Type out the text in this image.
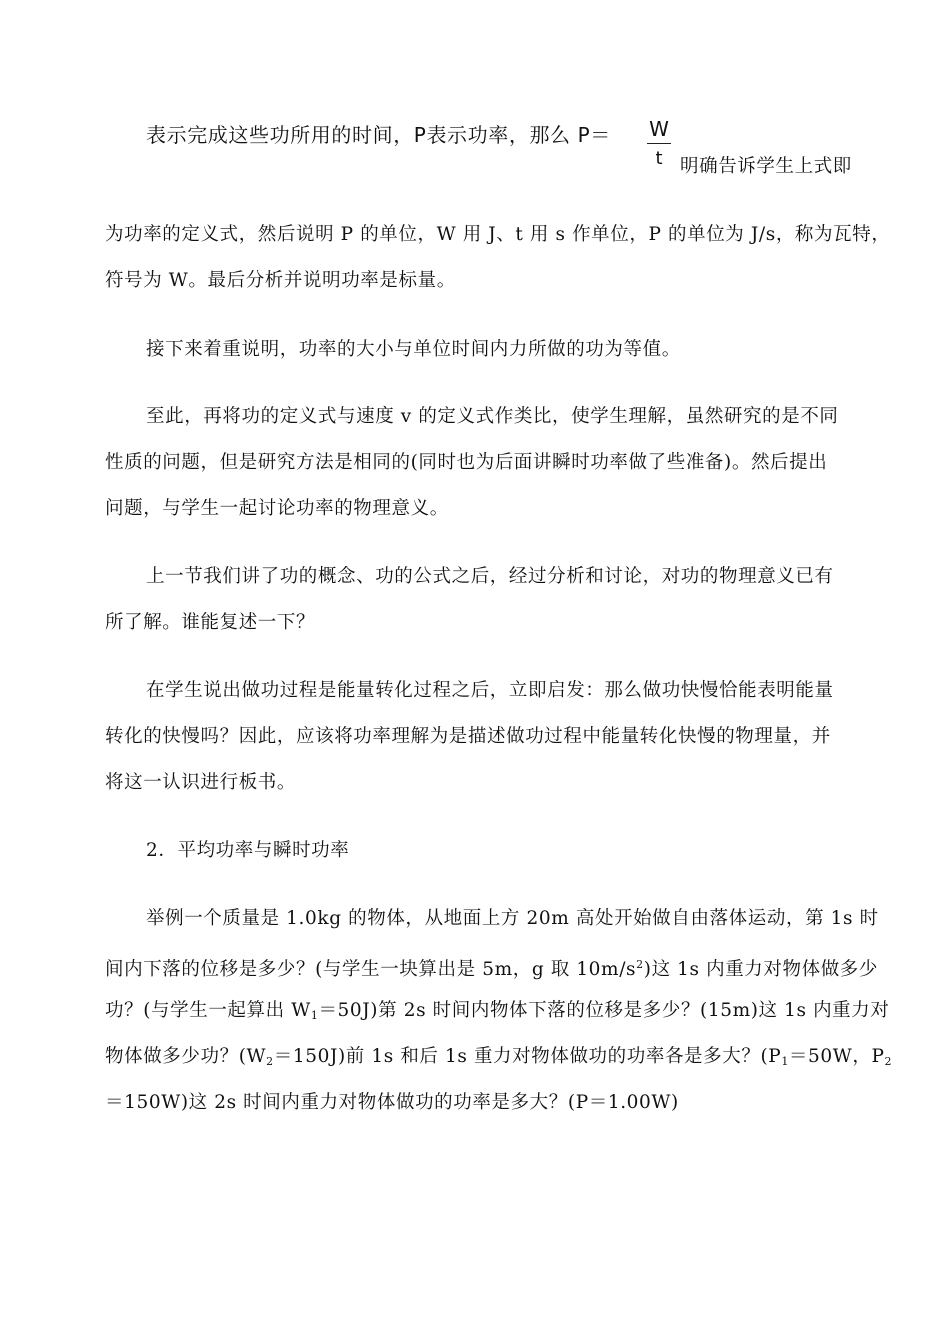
表示完成这些功所用的时间，P表示功率，那么 P＝ W
t 明确告诉学生上式即
为功率的定义式，然后说明 P 的单位，W 用 J、t 用 s 作单位，P 的单位为 J/s，称为瓦特，
符号为 W。最后分析并说明功率是标量。
接下来着重说明，功率的大小与单位时间内力所做的功为等值。
至此，再将功的定义式与速度 v 的定义式作类比，使学生理解，虽然研究的是不同
性质的问题，但是研究方法是相同的(同时也为后面讲瞬时功率做了些准备)。然后提出
问题，与学生一起讨论功率的物理意义。
上一节我们讲了功的概念、功的公式之后，经过分析和讨论，对功的物理意义已有
所了解。谁能复述一下？
在学生说出做功过程是能量转化过程之后，立即启发：那么做功快慢恰能表明能量
转化的快慢吗？因此，应该将功率理解为是描述做功过程中能量转化快慢的物理量，并
将这一认识进行板书。
2．平均功率与瞬时功率
举例一个质量是 1.0kg 的物体，从地面上方 20m 高处开始做自由落体运动，第 1s 时
间内下落的位移是多少？(与学生一块算出是 5m，g 取 $10m/s^2$)这 1s 内重力对物体做多少
功？(与学生一起算出 $W_1=50J$)第 2s 时间内物体下落的位移是多少？(15m)这 1s 内重力对
物体做多少功？$(W_2=150J)$前 1s 和后 1s 重力对物体做功的功率各是多大？($P_1=50W$，$P_2$
＝150W)这 2s 时间内重力对物体做功的功率是多大？(P＝1.00W)
